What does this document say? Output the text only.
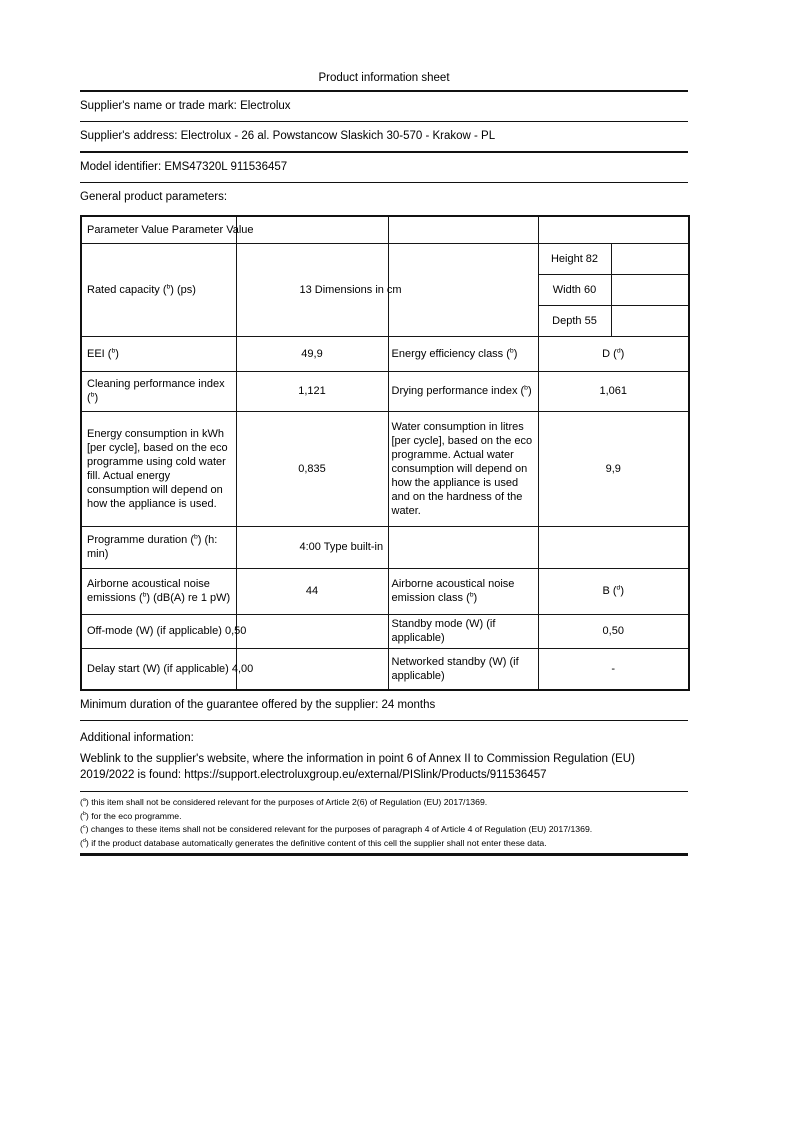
Product information sheet
Supplier's name or trade mark: Electrolux
Supplier's address: Electrolux - 26 al. Powstancow Slaskich 30-570 - Krakow - PL
Model identifier: EMS47320L 911536457
General product parameters:
Parameter Value Parameter Value				
Rated capacity ($^b$) (ps)	13 Dimensions in cm		Height 82	
			Width 60	
			Depth 55	
EEI ($^b$)	49,9	Energy efficiency class ($^b$)	D ($^d$)	
Cleaning performance index ($^b$)	1,121	Drying performance index ($^b$)	1,061	
Energy consumption in kWh [per cycle], based on the eco programme using cold water fill. Actual energy consumption will depend on how the appliance is used.	0,835	Water consumption in litres [per cycle], based on the eco programme. Actual water consumption will depend on how the appliance is used and on the hardness of the water.	9,9	
Programme duration ($^b$) (h: min)	4:00 Type built-in			
Airborne acoustical noise emissions ($^b$) (dB(A) re 1 pW)	44	Airborne acoustical noise emission class ($^b$)	B ($^d$)	
Off-mode (W) (if applicable) 0,50		Standby mode (W) (if applicable)	0,50	
Delay start (W) (if applicable) 4,00		Networked standby (W) (if applicable)	-	
Minimum duration of the guarantee offered by the supplier: 24 months
Additional information:
Weblink to the supplier's website, where the information in point 6 of Annex II to Commission Regulation (EU) 2019/2022 is found: https://support.electroluxgroup.eu/external/PISlink/Products/911536457
($^a$) this item shall not be considered relevant for the purposes of Article 2(6) of Regulation (EU) 2017/1369.
($^b$) for the eco programme.
($^c$) changes to these items shall not be considered relevant for the purposes of paragraph 4 of Article 4 of Regulation (EU) 2017/1369.
($^d$) if the product database automatically generates the definitive content of this cell the supplier shall not enter these data.
